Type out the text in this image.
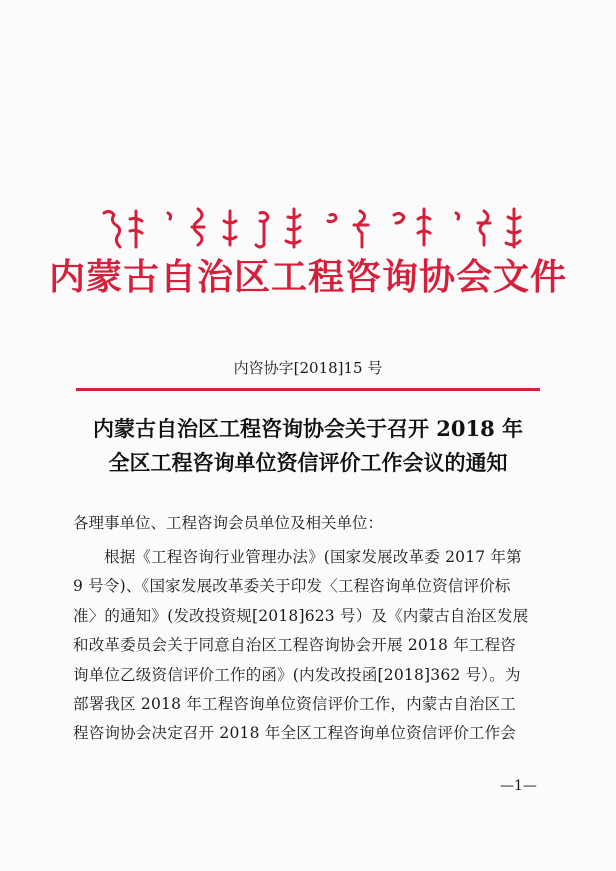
内蒙古自治区工程咨询协会文件
内咨协字[2018]15 号
内蒙古自治区工程咨询协会关于召开 2018 年
全区工程咨询单位资信评价工作会议的通知
各理事单位、工程咨询会员单位及相关单位：
根据《工程咨询行业管理办法》(国家发展改革委 2017 年第
9 号令)、《国家发展改革委关于印发〈工程咨询单位资信评价标
准〉的通知》(发改投资规[2018]623 号）及《内蒙古自治区发展
和改革委员会关于同意自治区工程咨询协会开展 2018 年工程咨
询单位乙级资信评价工作的函》(内发改投函[2018]362 号）。为
部署我区 2018 年工程咨询单位资信评价工作，内蒙古自治区工
程咨询协会决定召开 2018 年全区工程咨询单位资信评价工作会
—1—
